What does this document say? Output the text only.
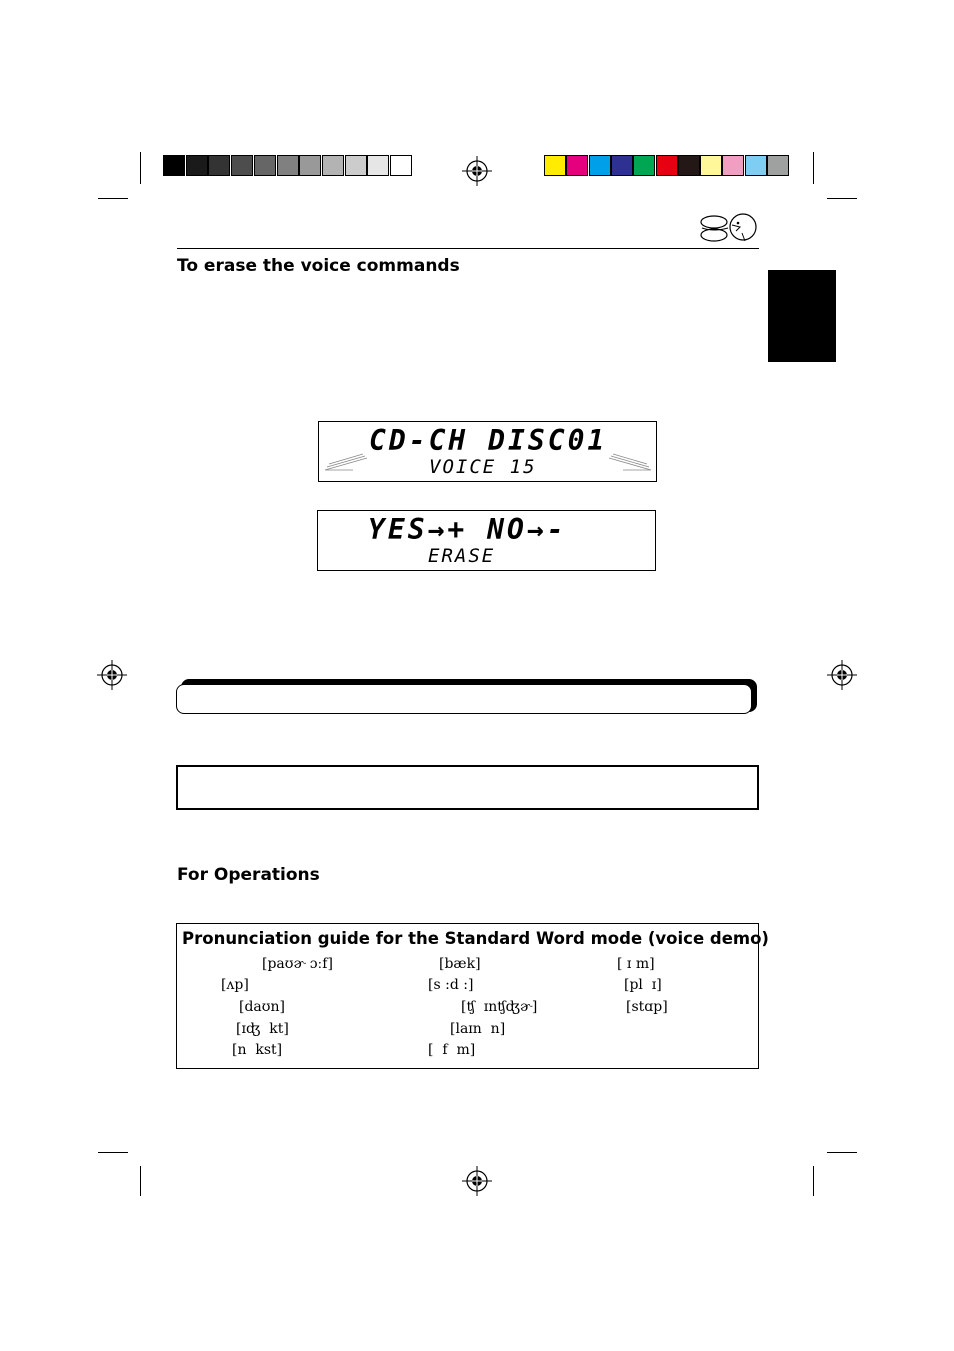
To erase the voice commands
CD-CH DISC01
VOICE 15
YES→+ NO→-
ERASE
For Operations
Pronunciation guide for the Standard Word mode (voice demo)
[paʊɚ ɔːf]	[bæk]	[ ɪ m]
[ʌp]	[s :d :]	[pl  ɪ]
[daʊn]	[ʧ  ɪnʧʤɚ]	[stɑp]
[ɪʤ  kt]	[laɪn  n]
[n  kst]	[  f  m]
